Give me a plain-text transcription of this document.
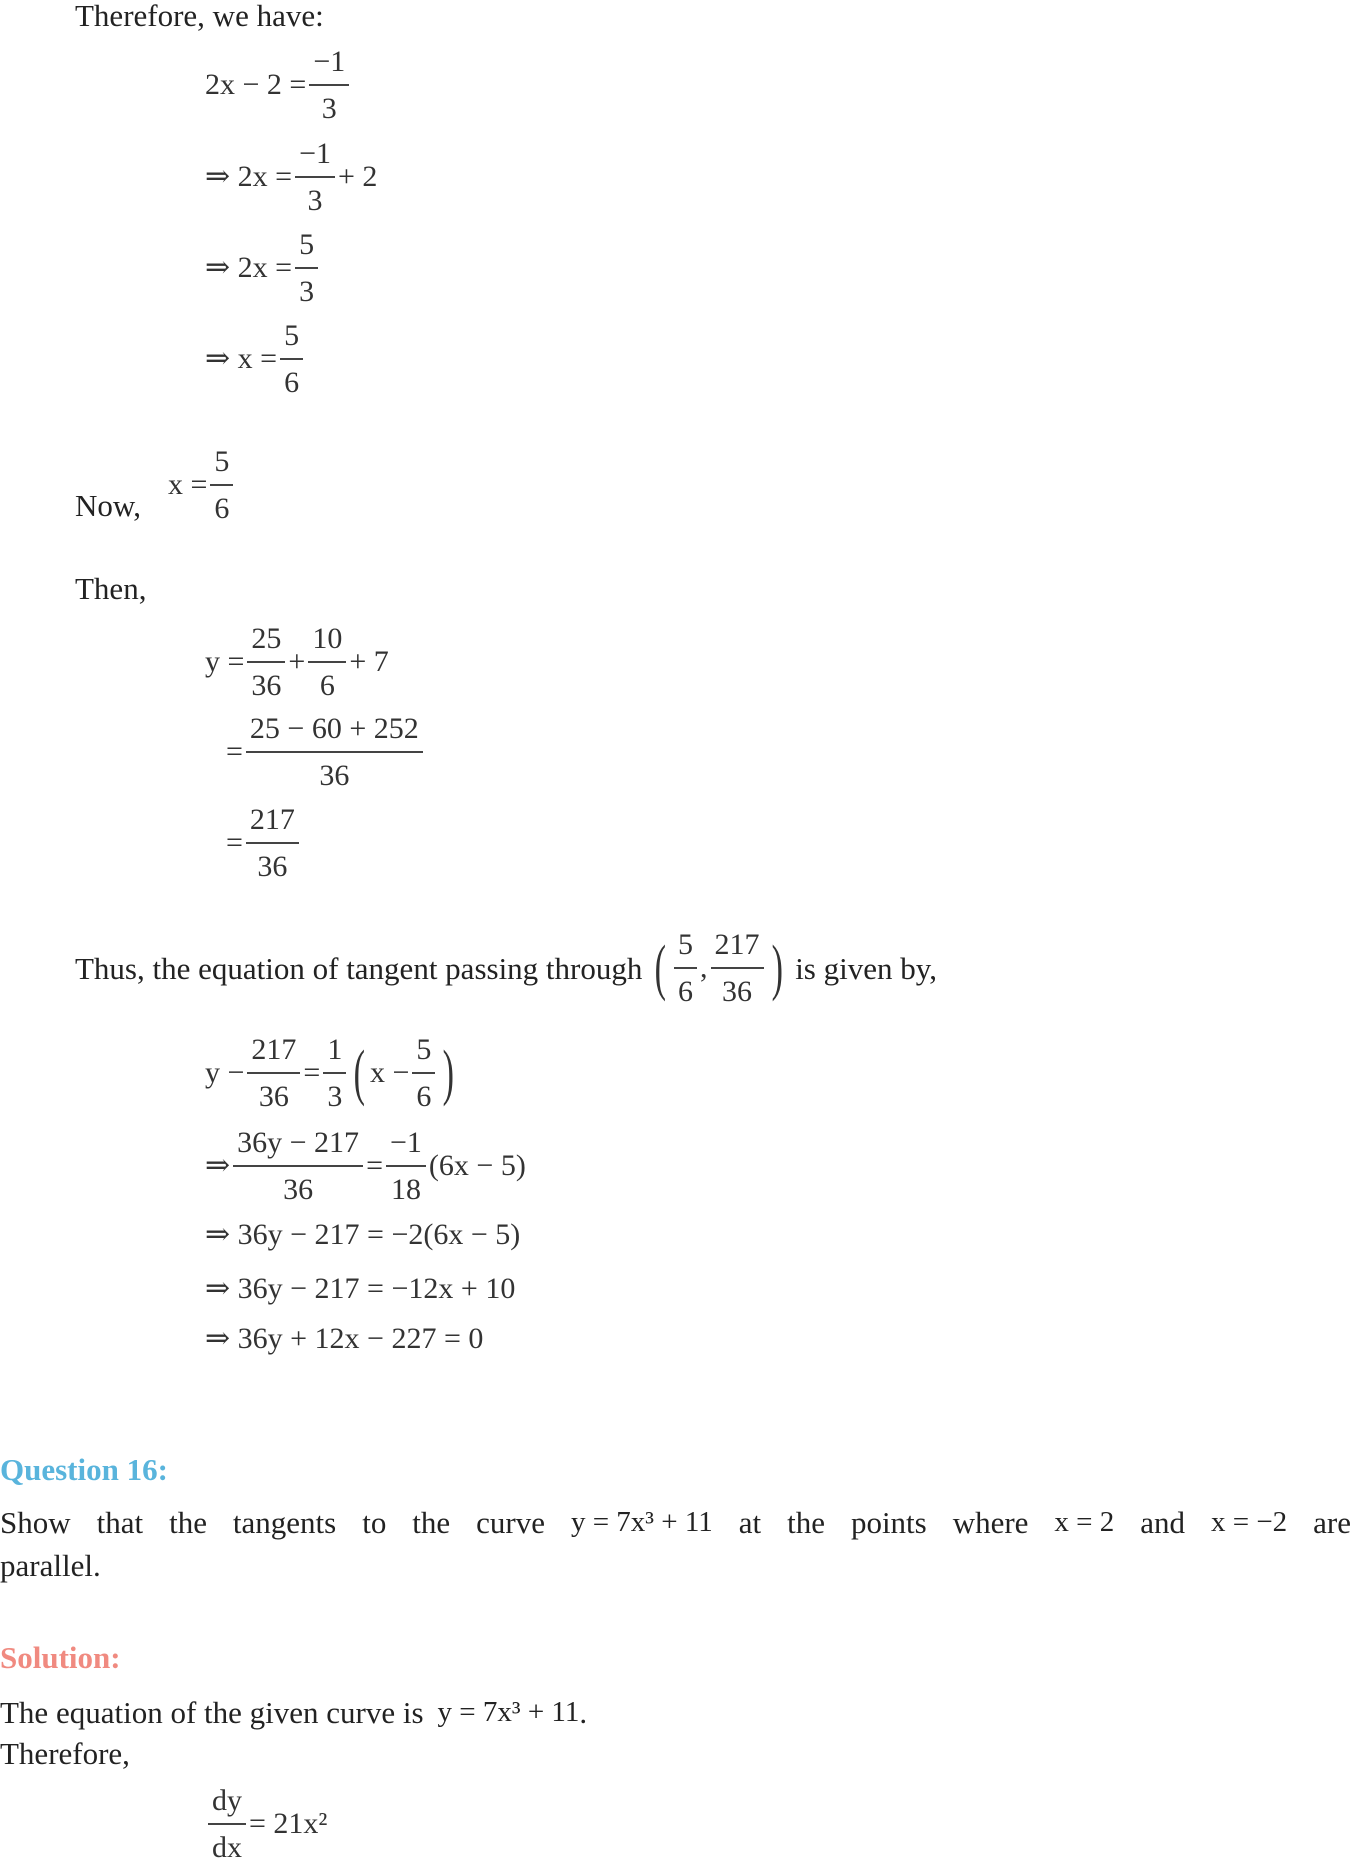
Therefore, we have:
$2x - 2 = \frac{-1}{3}$
⇒
$2x = \frac{-1}{3} + 2$
⇒
$2x = \frac{5}{3}$
⇒
$x = \frac{5}{6}$
Now,
$x = \frac{5}{6}$
Then,
$y = \frac{25}{36} + \frac{10}{6} + 7$
= $\frac{25 - 60 + 252}{36}$
= $\frac{217}{36}$
Thus, the equation of tangent passing through ( $\frac{5}{6}$ , $\frac{217}{36}$ ) is given by,
$y - \frac{217}{36} = \frac{1}{3}$ ( $x - \frac{5}{6}$ )
⇒ $\frac{36y - 217}{36} = \frac{-1}{18} (6x - 5)$
⇒ 36y − 217 = −2(6x − 5)
⇒ 36y − 217 = −12x + 10
⇒ 36y + 12x − 227 = 0
Question 16:
Show that the tangents to the curve y = 7x³ + 11 at the points where x = 2 and x = −2 are
parallel.
Solution:
The equation of the given curve is y = 7x³ + 11 .
Therefore,
$\frac{dy}{dx} = 21x^2$
